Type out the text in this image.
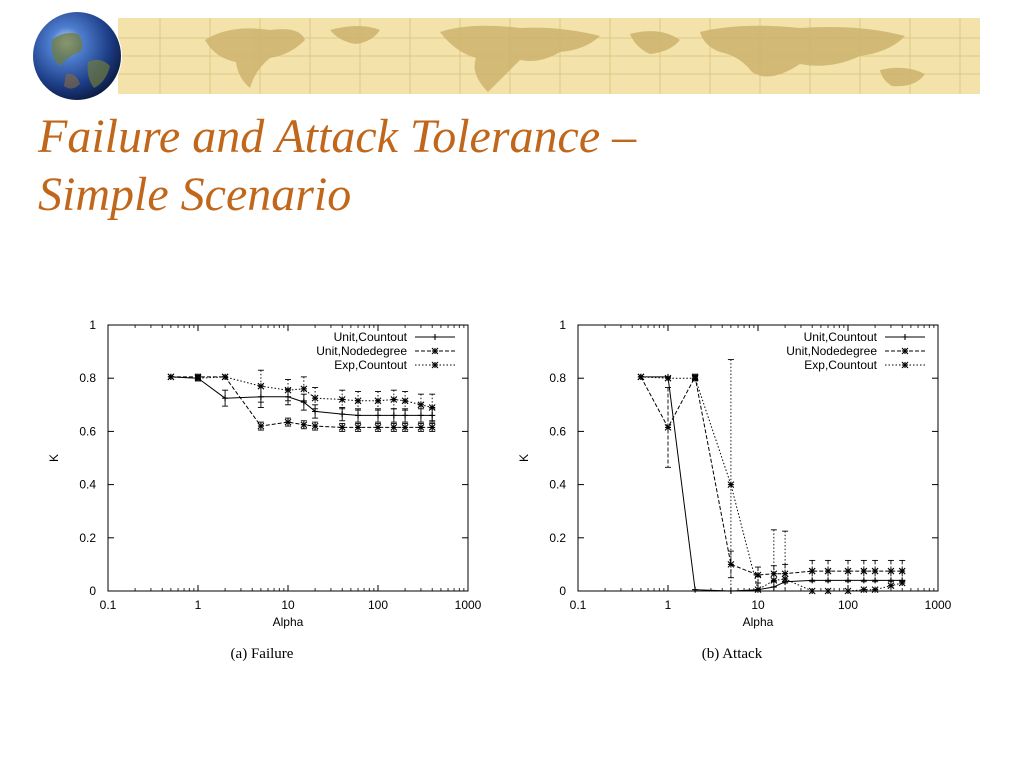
Failure and Attack Tolerance –
Simple Scenario
0.1	1	10	100	1000
0
0.2
0.4
0.6
0.8
1
Alpha
K
Unit,Countout
Unit,Nodedegree
Exp,Countout
0.1	1	10	100	1000
0
0.2
0.4
0.6
0.8
1
Alpha
K
Unit,Countout
Unit,Nodedegree
Exp,Countout
(a) Failure	(b) Attack
